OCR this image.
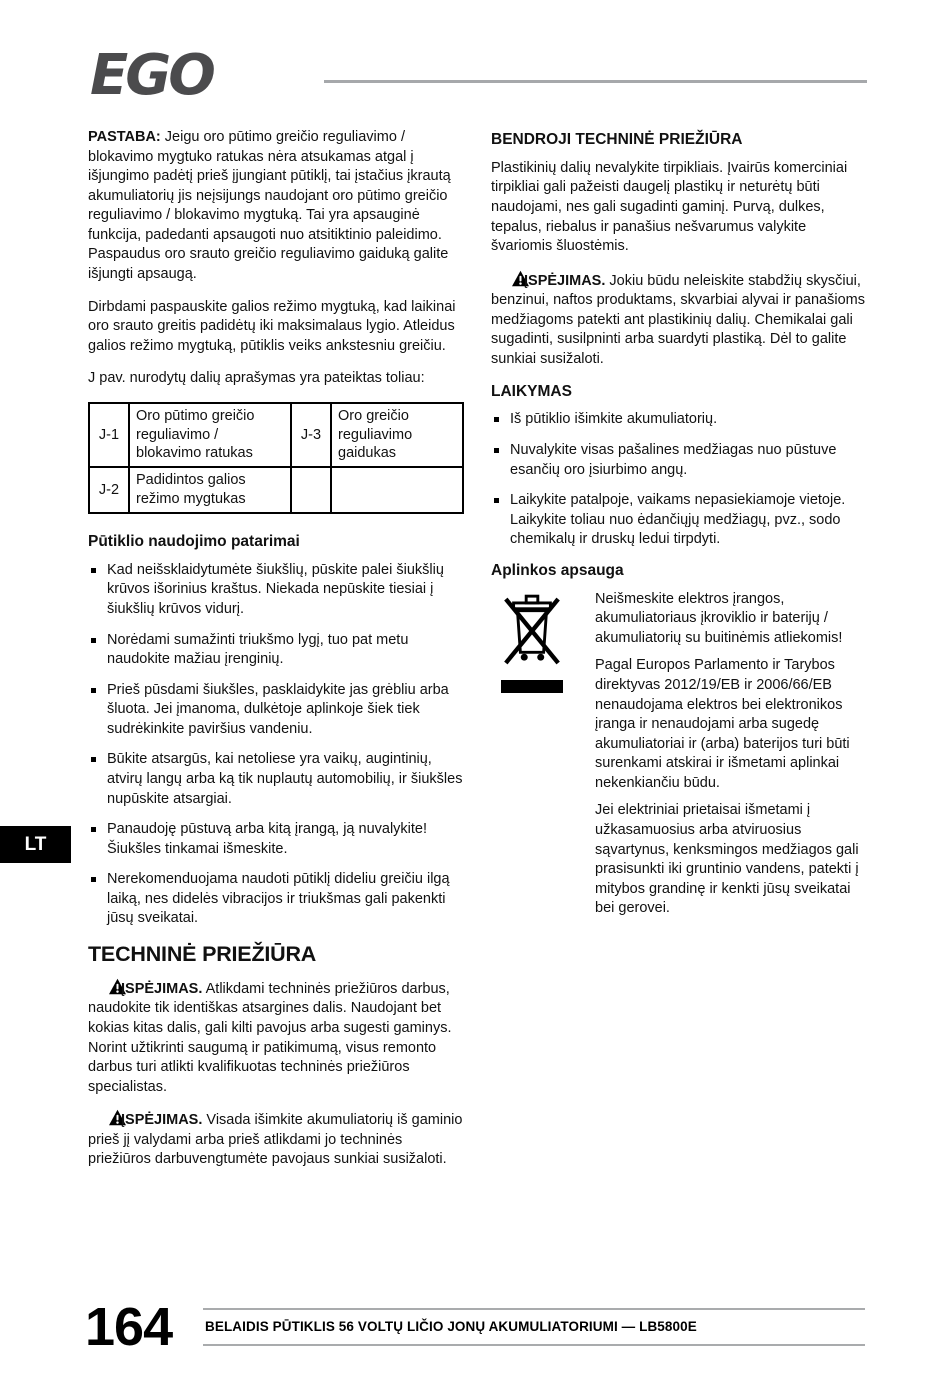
EGO

PASTABA: Jeigu oro pūtimo greičio reguliavimo / blokavimo mygtuko ratukas nėra atsukamas atgal į išjungimo padėtį prieš įjungiant pūtiklį, tai įstačius įkrautą akumuliatorių jis neįsijungs naudojant oro pūtimo greičio reguliavimo / blokavimo mygtuką. Tai yra apsauginė funkcija, padedanti apsaugoti nuo atsitiktinio paleidimo. Paspaudus oro srauto greičio reguliavimo gaiduką galite išjungti apsaugą.

Dirbdami paspauskite galios režimo mygtuką, kad laikinai oro srauto greitis padidėtų iki maksimalaus lygio. Atleidus galios režimo mygtuką, pūtiklis veiks ankstesniu greičiu.

J pav. nurodytų dalių aprašymas yra pateiktas toliau:

J-1	Oro pūtimo greičio reguliavimo / blokavimo ratukas	J-3	Oro greičio reguliavimo gaidukas
J-2	Padidintos galios režimo mygtukas		
Pūtiklio naudojimo patarimai
Kad neišsklaidytumėte šiukšlių, pūskite palei šiukšlių krūvos išorinius kraštus. Niekada nepūskite tiesiai į šiukšlių krūvos vidurį.
Norėdami sumažinti triukšmo lygį, tuo pat metu naudokite mažiau įrenginių.
Prieš pūsdami šiukšles, pasklaidykite jas grėbliu arba šluota. Jei įmanoma, dulkėtoje aplinkoje šiek tiek sudrėkinkite paviršius vandeniu.
Būkite atsargūs, kai netoliese yra vaikų, augintinių, atvirų langų arba ką tik nuplautų automobilių, ir šiukšles nupūskite atsargiai.
Panaudoję pūstuvą arba kitą įrangą, ją nuvalykite! Šiukšles tinkamai išmeskite.
Nerekomenduojama naudoti pūtiklį dideliu greičiu ilgą laiką, nes didelės vibracijos ir triukšmas gali pakenkti jūsų sveikatai.
TECHNINĖ PRIEŽIŪRA

ĮSPĖJIMAS. Atlikdami techninės priežiūros darbus, naudokite tik identiškas atsargines dalis. Naudojant bet kokias kitas dalis, gali kilti pavojus arba sugesti gaminys. Norint užtikrinti saugumą ir patikimumą, visus remonto darbus turi atlikti kvalifikuotas techninės priežiūros specialistas.

ĮSPĖJIMAS. Visada išimkite akumuliatorių iš gaminio prieš jį valydami arba prieš atlikdami jo techninės priežiūros darbuvengtumėte pavojaus sunkiai susižaloti.

BENDROJI TECHNINĖ PRIEŽIŪRA

Plastikinių dalių nevalykite tirpikliais. Įvairūs komerciniai tirpikliai gali pažeisti daugelį plastikų ir neturėtų būti naudojami, nes gali sugadinti gaminį. Purvą, dulkes, tepalus, riebalus ir panašius nešvarumus valykite švariomis šluostėmis.

ĮSPĖJIMAS. Jokiu būdu neleiskite stabdžių skysčiui, benzinui, naftos produktams, skvarbiai alyvai ir panašioms medžiagoms patekti ant plastikinių dalių. Chemikalai gali sugadinti, susilpninti arba suardyti plastiką. Dėl to galite sunkiai susižaloti.

LAIKYMAS
Iš pūtiklio išimkite akumuliatorių.
Nuvalykite visas pašalines medžiagas nuo pūstuve esančių oro įsiurbimo angų.
Laikykite patalpoje, vaikams nepasiekiamoje vietoje. Laikykite toliau nuo ėdančiųjų medžiagų, pvz., sodo chemikalų ir druskų ledui tirpdyti.
Aplinkos apsauga

Neišmeskite elektros įrangos, akumuliatoriaus įkroviklio ir baterijų / akumuliatorių su buitinėmis atliekomis!

Pagal Europos Parlamento ir Tarybos direktyvas 2012/19/EB ir 2006/66/EB nenaudojama elektros bei elektronikos įranga ir nenaudojami arba sugedę akumuliatoriai ir (arba) baterijos turi būti surenkami atskirai ir išmetami aplinkai nekenkiančiu būdu.

Jei elektriniai prietaisai išmetami į užkasamuosius arba atviruosius sąvartynus, kenksmingos medžiagos gali prasisunkti iki gruntinio vandens, patekti į mitybos grandinę ir kenkti jūsų sveikatai bei gerovei.

LT
164	BELAIDIS PŪTIKLIS 56 VOLTŲ LIČIO JONŲ AKUMULIATORIUMI — LB5800E
